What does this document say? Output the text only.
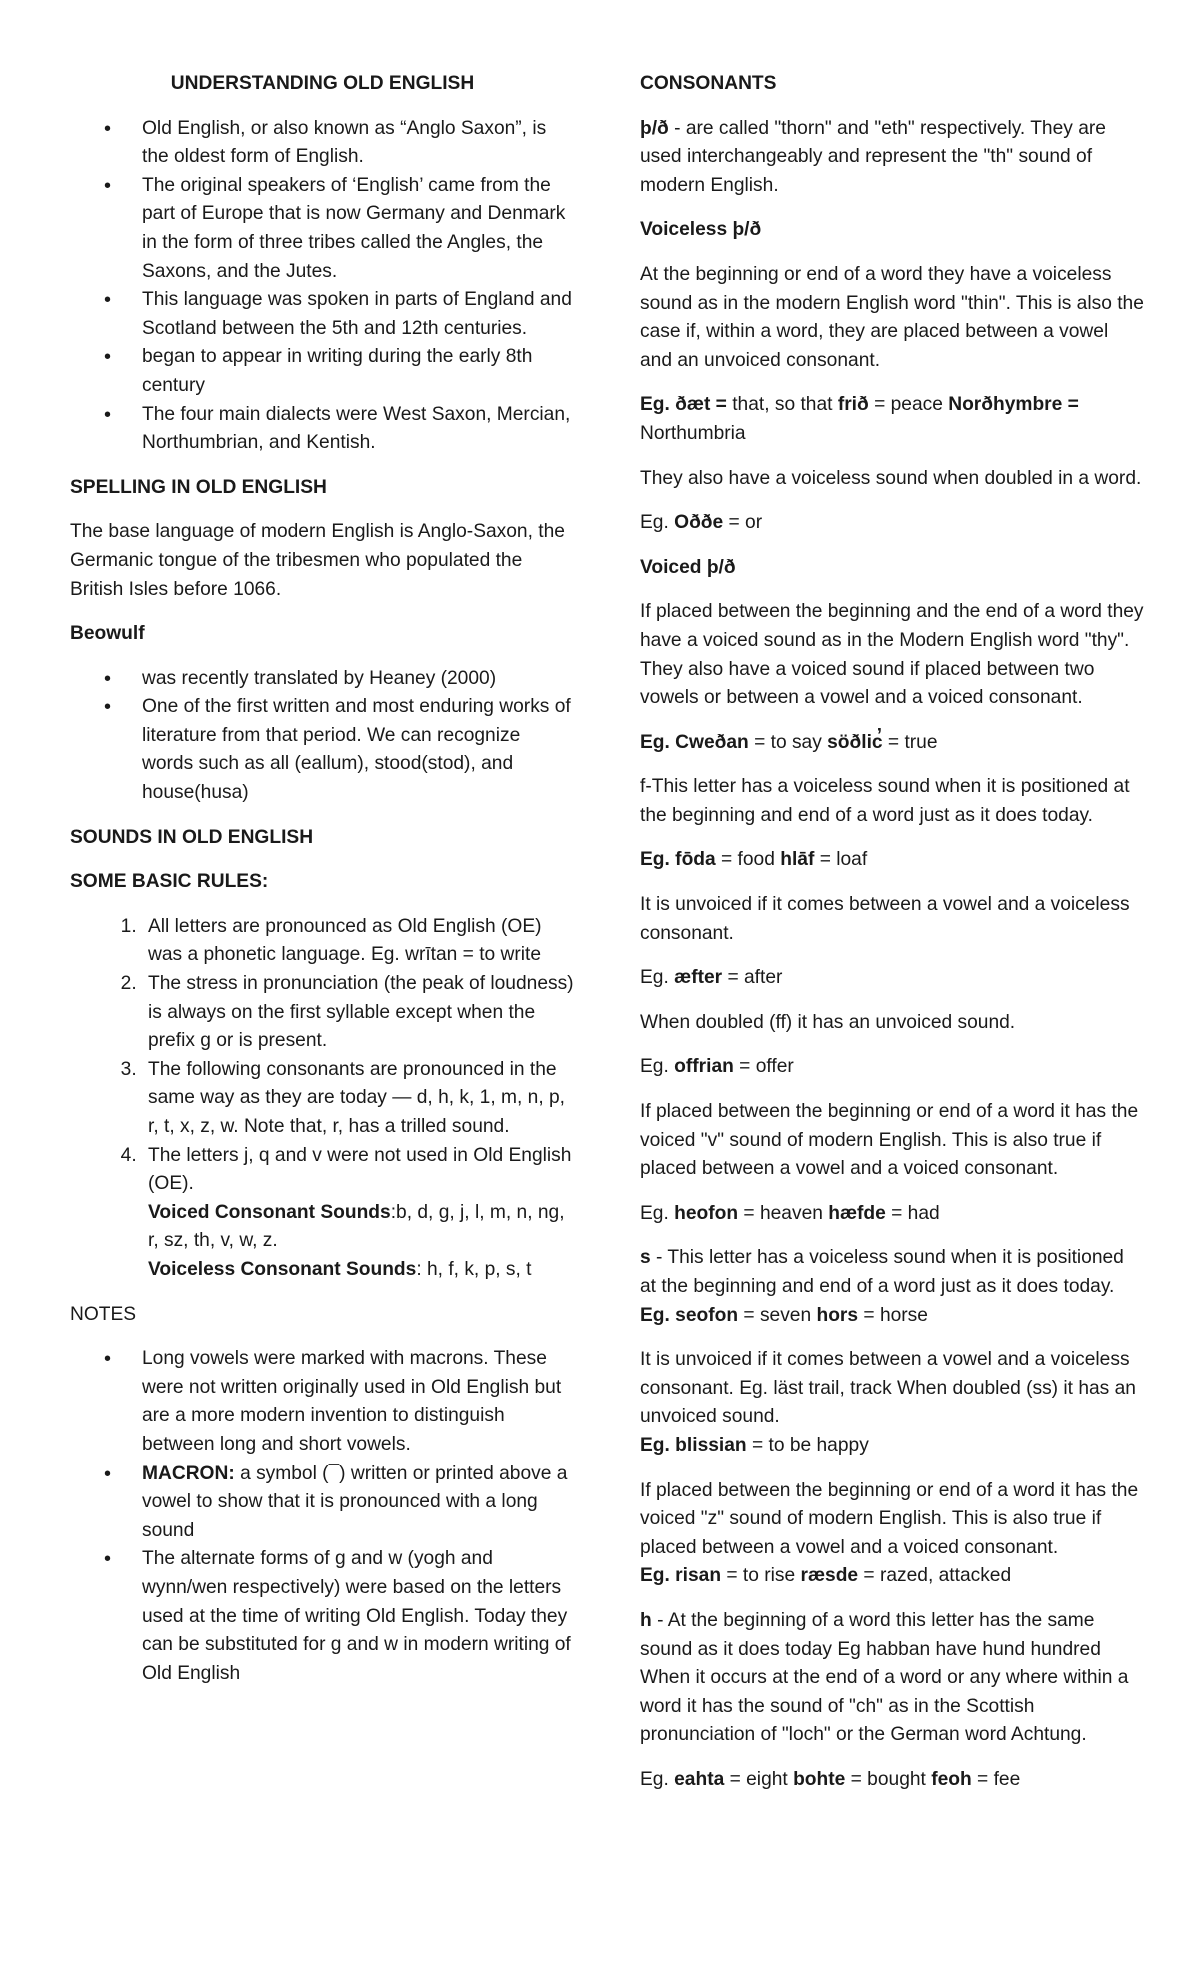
UNDERSTANDING OLD ENGLISH
• Old English, or also known as “Anglo Saxon”, is the oldest form of English.
• The original speakers of ‘English’ came from the part of Europe that is now Germany and Denmark in the form of three tribes called the Angles, the Saxons, and the Jutes.
• This language was spoken in parts of England and Scotland between the 5th and 12th centuries.
• began to appear in writing during the early 8th century
• The four main dialects were West Saxon, Mercian, Northumbrian, and Kentish.
SPELLING IN OLD ENGLISH

The base language of modern English is Anglo-Saxon, the Germanic tongue of the tribesmen who populated the British Isles before 1066.

Beowulf
• was recently translated by Heaney (2000)
• One of the first written and most enduring works of literature from that period. We can recognize words such as all (eallum), stood(stod), and house(husa)
SOUNDS IN OLD ENGLISH
SOME BASIC RULES:
1. All letters are pronounced as Old English (OE) was a phonetic language. Eg. wrītan = to write
2. The stress in pronunciation (the peak of loudness) is always on the first syllable except when the prefix g or is present.
3. The following consonants are pronounced in the same way as they are today — d, h, k, 1, m, n, p, r, t, x, z, w. Note that, r, has a trilled sound.
4. The letters j, q and v were not used in Old English (OE).
Voiced Consonant Sounds:b, d, g, j, l, m, n, ng, r, sz, th, v, w, z.
Voiceless Consonant Sounds: h, f, k, p, s, t

NOTES

• Long vowels were marked with macrons. These were not written originally used in Old English but are a more modern invention to distinguish between long and short vowels.
• MACRON: a symbol (¯) written or printed above a vowel to show that it is pronounced with a long sound
• The alternate forms of g and w (yogh and wynn/wen respectively) were based on the letters used at the time of writing Old English. Today they can be substituted for g and w in modern writing of Old English
CONSONANTS

þ/ð - are called "thorn" and "eth" respectively. They are used interchangeably and represent the "th" sound of modern English.

Voiceless þ/ð

At the beginning or end of a word they have a voiceless sound as in the modern English word "thin". This is also the case if, within a word, they are placed between a vowel and an unvoiced consonant.

Eg. ðæt = that, so that frið = peace Norðhymbre = Northumbria

They also have a voiceless sound when doubled in a word.

Eg. Oððe = or

Voiced þ/ð

If placed between the beginning and the end of a word they have a voiced sound as in the Modern English word "thy". They also have a voiced sound if placed between two vowels or between a vowel and a voiced consonant.

Eg. Cweðan = to say söðlic̓ = true

f-This letter has a voiceless sound when it is positioned at the beginning and end of a word just as it does today.

Eg. fōda = food hlāf = loaf

It is unvoiced if it comes between a vowel and a voiceless consonant.

Eg. æfter = after

When doubled (ff) it has an unvoiced sound.

Eg. offrian = offer

If placed between the beginning or end of a word it has the voiced "v" sound of modern English. This is also true if placed between a vowel and a voiced consonant.

Eg. heofon = heaven hæfde = had

s - This letter has a voiceless sound when it is positioned at the beginning and end of a word just as it does today.
Eg. seofon = seven hors = horse

It is unvoiced if it comes between a vowel and a voiceless consonant. Eg. läst trail, track When doubled (ss) it has an unvoiced sound.
Eg. blissian = to be happy

If placed between the beginning or end of a word it has the voiced "z" sound of modern English. This is also true if placed between a vowel and a voiced consonant.
Eg. risan = to rise ræsde = razed, attacked

h - At the beginning of a word this letter has the same sound as it does today Eg habban have hund hundred When it occurs at the end of a word or any where within a word it has the sound of "ch" as in the Scottish pronunciation of "loch" or the German word Achtung.

Eg. eahta = eight bohte = bought feoh = fee
